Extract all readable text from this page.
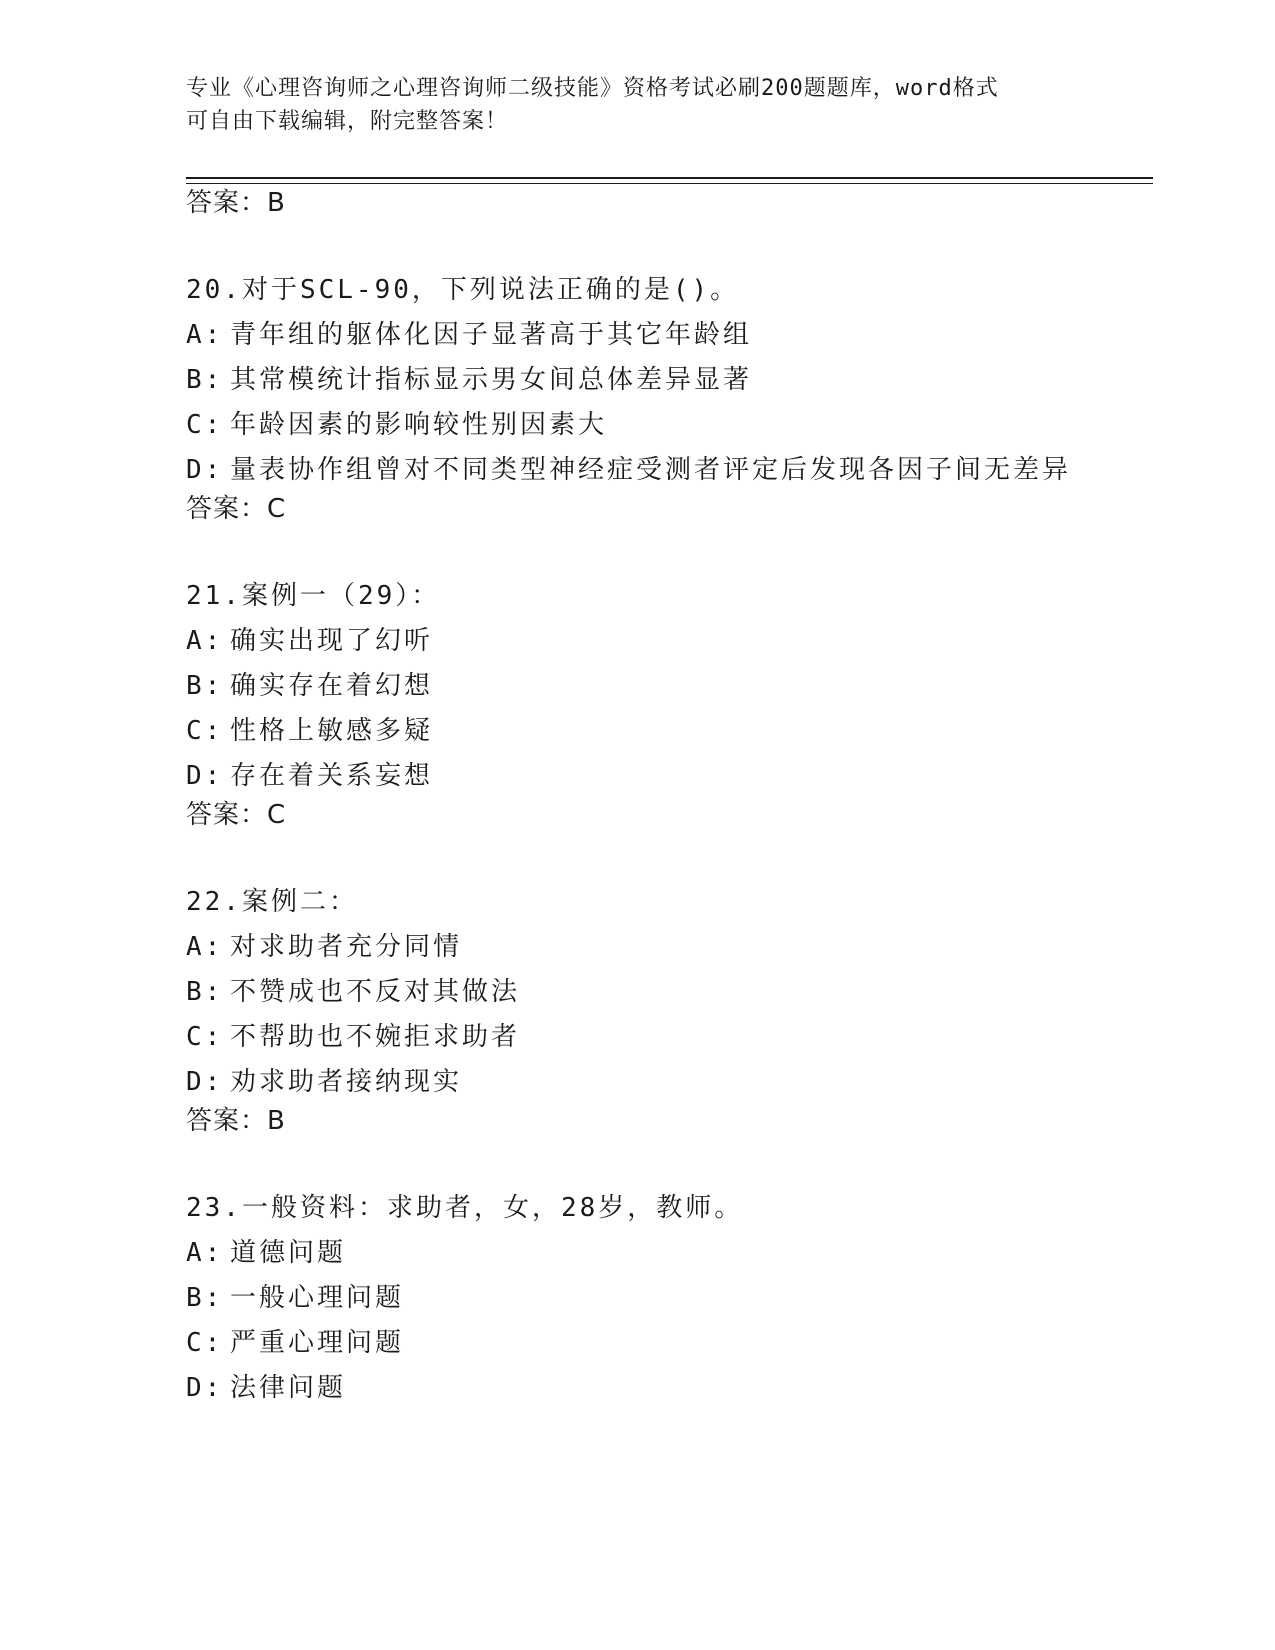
专业《心理咨询师之心理咨询师二级技能》资格考试必刷200题题库，word格式
可自由下载编辑，附完整答案！
答案：B
20.对于SCL-90，下列说法正确的是()。
A: 青年组的躯体化因子显著高于其它年龄组
B: 其常模统计指标显示男女间总体差异显著
C: 年龄因素的影响较性别因素大
D: 量表协作组曾对不同类型神经症受测者评定后发现各因子间无差异
答案：C
21.案例一（29）：
A: 确实出现了幻听
B: 确实存在着幻想
C: 性格上敏感多疑
D: 存在着关系妄想
答案：C
22.案例二：
A: 对求助者充分同情
B: 不赞成也不反对其做法
C: 不帮助也不婉拒求助者
D: 劝求助者接纳现实
答案：B
23.一般资料：求助者，女，28岁，教师。
A: 道德问题
B: 一般心理问题
C: 严重心理问题
D: 法律问题
